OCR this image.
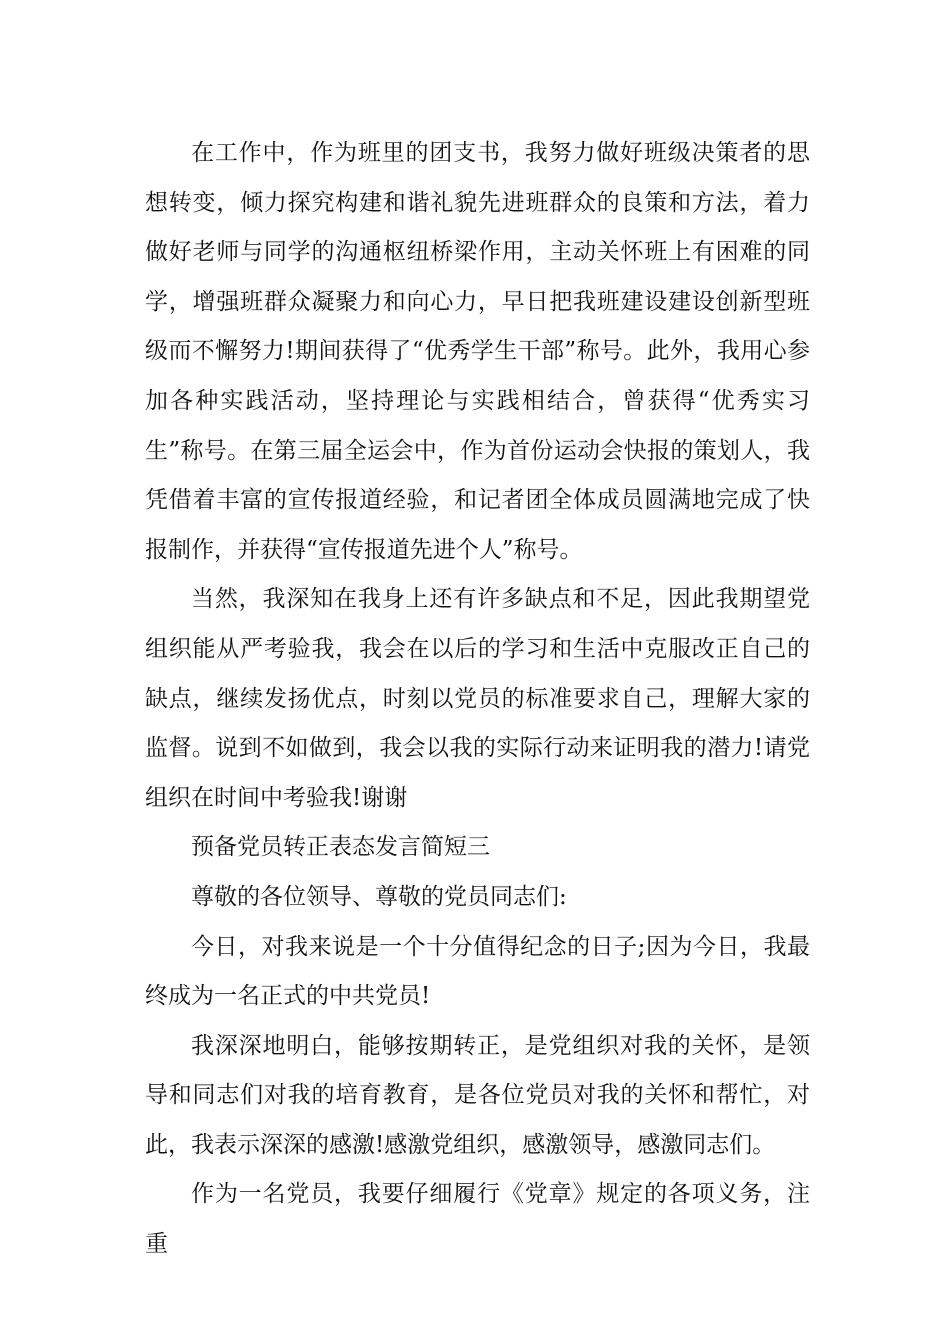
在工作中，作为班里的团支书，我努力做好班级决策者的思想转变，倾力探究构建和谐礼貌先进班群众的良策和方法，着力做好老师与同学的沟通枢纽桥梁作用，主动关怀班上有困难的同学，增强班群众凝聚力和向心力，早日把我班建设建设创新型班级而不懈努力!期间获得了“优秀学生干部”称号。此外，我用心参加各种实践活动，坚持理论与实践相结合，曾获得“优秀实习生”称号。在第三届全运会中，作为首份运动会快报的策划人，我凭借着丰富的宣传报道经验，和记者团全体成员圆满地完成了快报制作，并获得“宣传报道先进个人”称号。

当然，我深知在我身上还有许多缺点和不足，因此我期望党组织能从严考验我，我会在以后的学习和生活中克服改正自己的缺点，继续发扬优点，时刻以党员的标准要求自己，理解大家的监督。说到不如做到，我会以我的实际行动来证明我的潜力!请党组织在时间中考验我!谢谢

预备党员转正表态发言简短三

尊敬的各位领导、尊敬的党员同志们:

今日，对我来说是一个十分值得纪念的日子;因为今日，我最终成为一名正式的中共党员!

我深深地明白，能够按期转正，是党组织对我的关怀，是领导和同志们对我的培育教育，是各位党员对我的关怀和帮忙，对此，我表示深深的感激!感激党组织，感激领导，感激同志们。

作为一名党员，我要仔细履行《党章》规定的各项义务，注重
